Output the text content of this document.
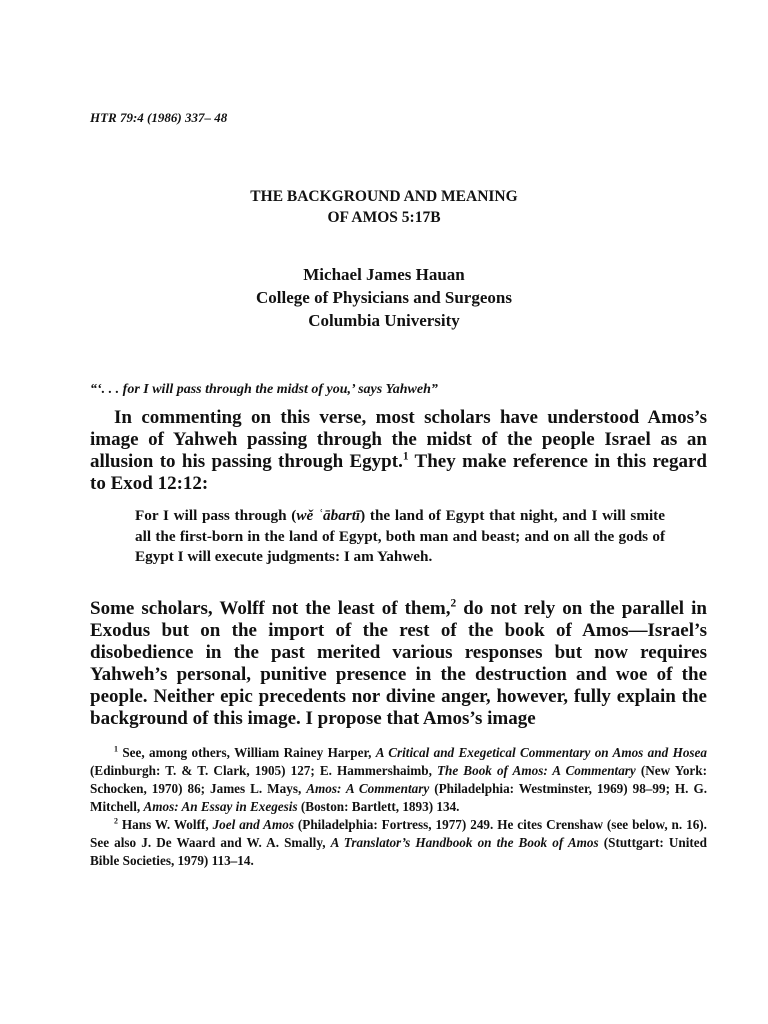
HTR 79:4 (1986) 337– 48
THE BACKGROUND AND MEANING
OF AMOS 5:17B
Michael James Hauan
College of Physicians and Surgeons
Columbia University
“‘. . . for I will pass through the midst of you,’ says Yahweh”

In commenting on this verse, most scholars have understood Amos’s image of Yahweh passing through the midst of the people Israel as an allusion to his passing through Egypt.$^1$ They make reference in this regard to Exod 12:12:

For I will pass through (wě ʿābartī) the land of Egypt that night, and I will smite all the first-born in the land of Egypt, both man and beast; and on all the gods of Egypt I will execute judgments: I am Yahweh.

Some scholars, Wolff not the least of them,$^2$ do not rely on the parallel in Exodus but on the import of the rest of the book of Amos—Israel’s disobedience in the past merited various responses but now requires Yahweh’s personal, punitive presence in the destruction and woe of the people. Neither epic precedents nor divine anger, however, fully explain the background of this image. I propose that Amos’s image

$^1$ See, among others, William Rainey Harper, A Critical and Exegetical Commentary on Amos and Hosea (Edinburgh: T. & T. Clark, 1905) 127; E. Hammershaimb, The Book of Amos: A Commentary (New York: Schocken, 1970) 86; James L. Mays, Amos: A Commentary (Philadelphia: Westminster, 1969) 98–99; H. G. Mitchell, Amos: An Essay in Exegesis (Boston: Bartlett, 1893) 134.

$^2$ Hans W. Wolff, Joel and Amos (Philadelphia: Fortress, 1977) 249. He cites Crenshaw (see below, n. 16). See also J. De Waard and W. A. Smally, A Translator’s Handbook on the Book of Amos (Stuttgart: United Bible Societies, 1979) 113–14.
